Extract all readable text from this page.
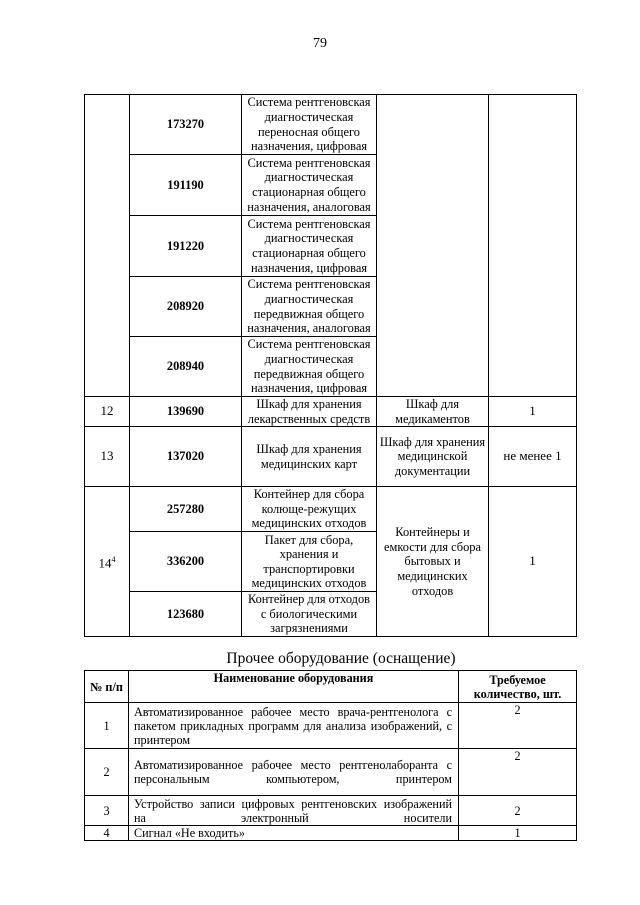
79
	173270	Система рентгеновская диагностическая переносная общего назначения, цифровая		
	191190	Система рентгеновская диагностическая стационарная общего назначения, аналоговая		
	191220	Система рентгеновская диагностическая стационарная общего назначения, цифровая		
	208920	Система рентгеновская диагностическая передвижная общего назначения, аналоговая		
	208940	Система рентгеновская диагностическая передвижная общего назначения, цифровая		
12	139690	Шкаф для хранения лекарственных средств	Шкаф для медикаментов	1
13	137020	Шкаф для хранения медицинских карт	Шкаф для хранения медицинской документации	не менее 1
$14^4$	257280	Контейнер для сбора колюще-режущих медицинских отходов	Контейнеры и емкости для сбора бытовых и медицинских отходов	1
	336200	Пакет для сбора, хранения и транспортировки медицинских отходов		
	123680	Контейнер для отходов с биологическими загрязнениями		
Прочее оборудование (оснащение)
№ п/п	Наименование оборудования	Требуемое количество, шт.
1	Автоматизированное рабочее место врача-рентгенолога с пакетом прикладных программ для анализа изображений, с принтером	2
2	Автоматизированное рабочее место рентгенолаборанта с персональным компьютером, принтером	2
3	Устройство записи цифровых рентгеновских изображений на электронный носители	2
4	Сигнал «Не входить»	1
